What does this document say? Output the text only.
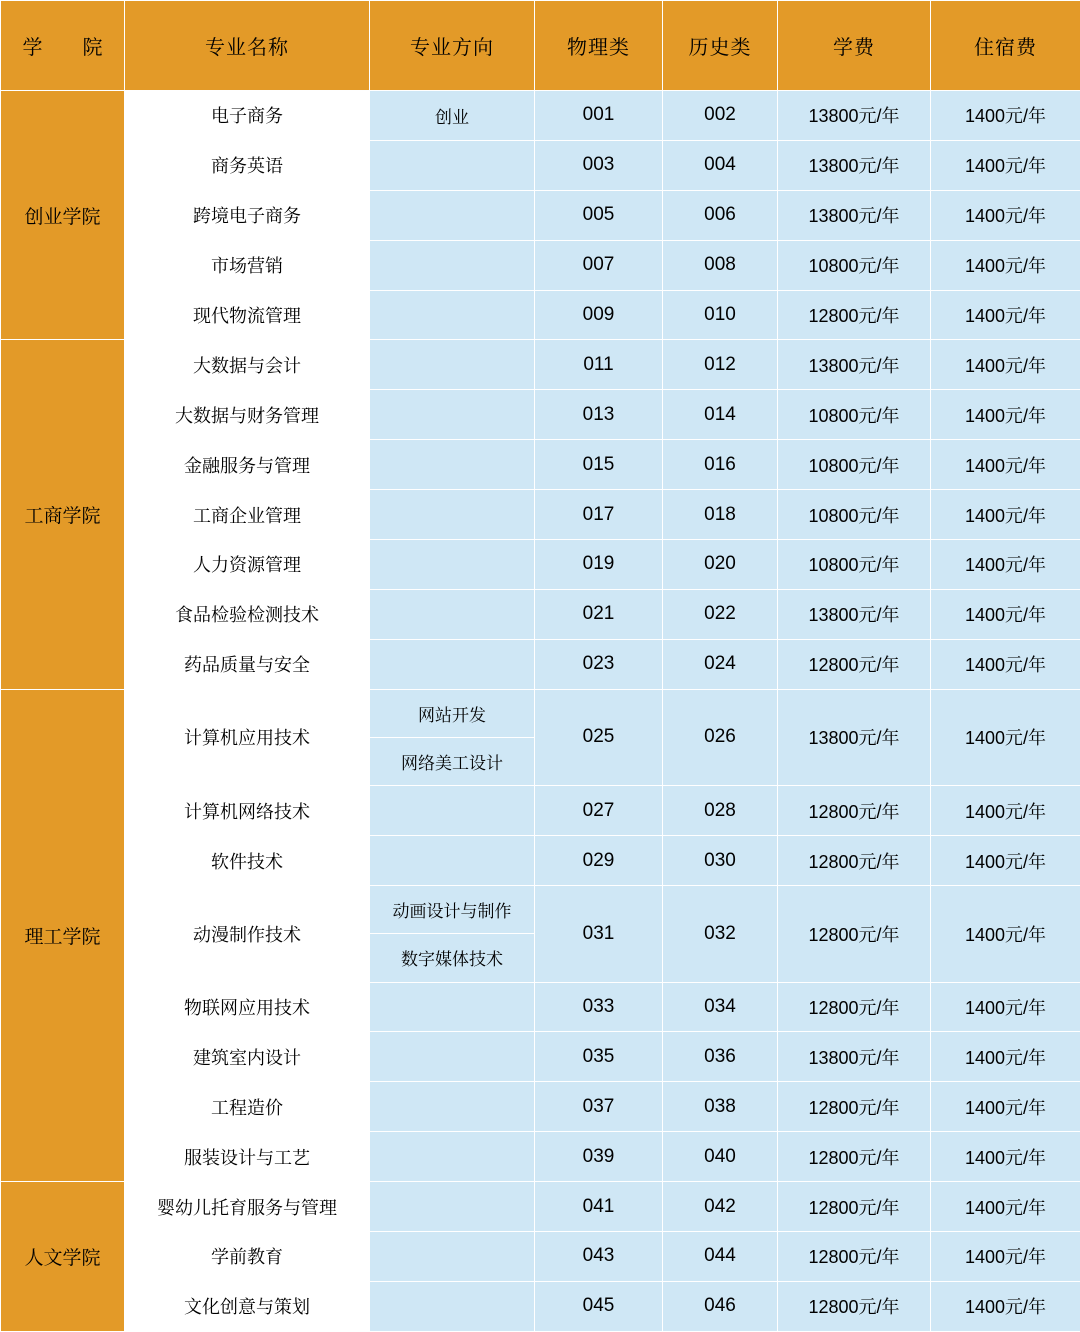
学　院	专业名称	专业方向	物理类	历史类	学费	住宿费
创业学院	电子商务	创业	001	002	13800元/年	1400元/年
	商务英语		003	004	13800元/年	1400元/年
	跨境电子商务		005	006	13800元/年	1400元/年
	市场营销		007	008	10800元/年	1400元/年
	现代物流管理		009	010	12800元/年	1400元/年
工商学院	大数据与会计		011	012	13800元/年	1400元/年
	大数据与财务管理		013	014	10800元/年	1400元/年
	金融服务与管理		015	016	10800元/年	1400元/年
	工商企业管理		017	018	10800元/年	1400元/年
	人力资源管理		019	020	10800元/年	1400元/年
	食品检验检测技术		021	022	13800元/年	1400元/年
	药品质量与安全		023	024	12800元/年	1400元/年
理工学院	计算机应用技术	网站开发	025	026	13800元/年	1400元/年
		网络美工设计				
	计算机网络技术		027	028	12800元/年	1400元/年
	软件技术		029	030	12800元/年	1400元/年
	动漫制作技术	动画设计与制作	031	032	12800元/年	1400元/年
		数字媒体技术				
	物联网应用技术		033	034	12800元/年	1400元/年
	建筑室内设计		035	036	13800元/年	1400元/年
	工程造价		037	038	12800元/年	1400元/年
	服装设计与工艺		039	040	12800元/年	1400元/年
人文学院	婴幼儿托育服务与管理		041	042	12800元/年	1400元/年
	学前教育		043	044	12800元/年	1400元/年
	文化创意与策划		045	046	12800元/年	1400元/年
